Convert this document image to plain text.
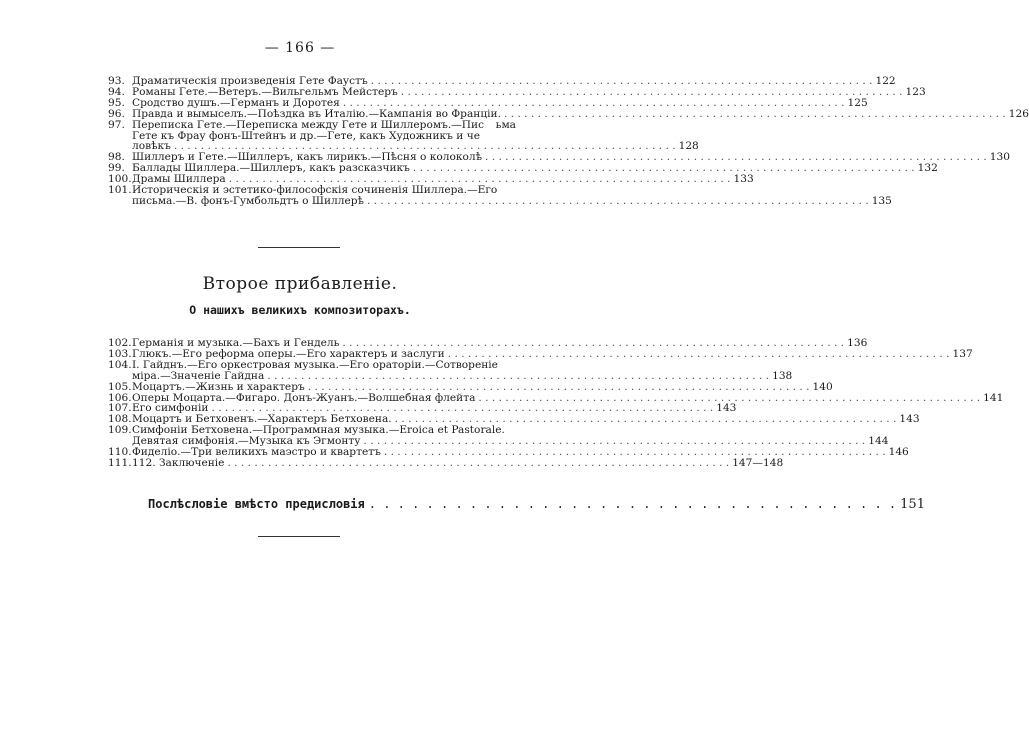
— 166 —
93. Драматическія произведенія Гете Фаустъ . . .	122
94. Романы Гете.—Ветеръ.—Вильгельмъ Мейстеръ . . .	123
95. Сродство душъ.—Германъ и Доротея . . .	125
96. Правда и вымыселъ.—Поѣздка въ Италію.—Кампанія во Франціи. . . .	126
97. Переписка Гете.—Переписка между Гете и Шиллеромъ.—Пис ьма
Гете къ Фрау фонъ-Штейнъ и др.—Гете, какъ Художникъ и че
ловѣкъ . . .	128
98. Шиллеръ и Гете.—Шиллеръ, какъ лирикъ.—Пѣсня о колоколѣ . . .	130
99. Баллады Шиллера.—Шиллеръ, какъ разсказчикъ . . .	132
100. Драмы Шиллера . . .	133
101. Историческія и эстетико-философскія сочиненія Шиллера.—Его
письма.—В. фонъ-Гумбольдтъ о Шиллерѣ . . .	135
Второе прибавленіе.
О нашихъ великихъ композиторахъ.
102. Германія и музыка.—Бахъ и Гендель . . .	136
103. Глюкъ.—Его реформа оперы.—Его характеръ и заслуги . . .	137
104. І. Гайднъ.—Его оркестровая музыка.—Его ораторіи.—Сотвореніе
міра.—Значеніе Гайдна . . .	138
105. Моцартъ.—Жизнь и характеръ . . .	140
106. Оперы Моцарта.—Фигаро. Донъ-Жуанъ.—Волшебная флейта . . .	141
107. Его симфоніи . . .	143
108. Моцартъ и Бетховенъ.—Характеръ Бетховена. . . .	143
109. Симфоніи Бетховена.—Программная музыка.—Eroica et Pastorale.
Девятая симфонія.—Музыка къ Эгмонту . . .	144
110. Фиделіо.—Три великихъ маэстро и квартетъ . . .	146
111. 112. Заключеніе . . .	147—148
Послѣсловіе вмѣсто предисловія . . .	151
